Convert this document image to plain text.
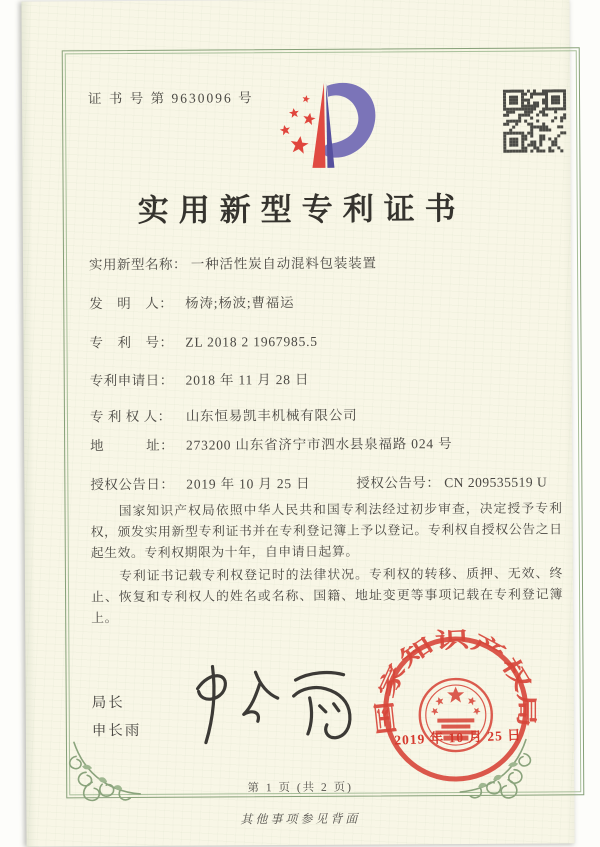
证 书 号 第 9630096 号
实用新型专利证书
实用新型名称： 一种活性炭自动混料包装装置
发　明　人： 杨涛;杨波;曹福运
专　利　号： ZL 2018 2 1967985.5
专利申请日： 2018 年 11 月 28 日
专 利 权 人： 山东恒易凯丰机械有限公司
地　　　址： 273200 山东省济宁市泗水县泉福路 024 号
授权公告日： 2019 年 10 月 25 日	授权公告号： CN 209535519 U

国家知识产权局依照中华人民共和国专利法经过初步审查，决定授予专利权，颁发实用新型专利证书并在专利登记簿上予以登记。专利权自授权公告之日起生效。专利权期限为十年，自申请日起算。

专利证书记载专利权登记时的法律状况。专利权的转移、质押、无效、终止、恢复和专利权人的姓名或名称、国籍、地址变更等事项记载在专利登记簿上。

局长
申长雨	国家知识产权局
2019 年 10 月 25 日
第 1 页 (共 2 页)
其他事项参见背面
